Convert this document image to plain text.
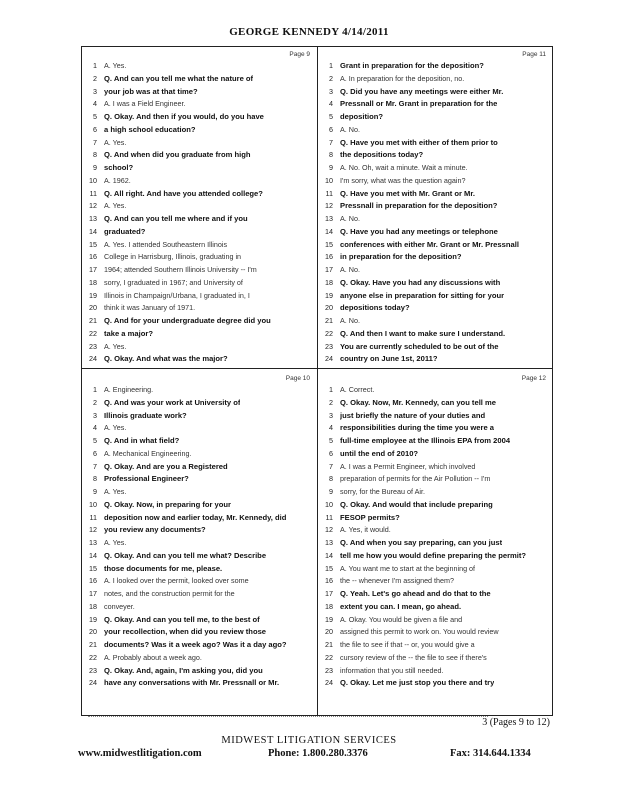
GEORGE KENNEDY 4/14/2011
Page 9
1 A. Yes.
2 Q. And can you tell me what the nature of
3 your job was at that time?
4 A. I was a Field Engineer.
5 Q. Okay. And then if you would, do you have
6 a high school education?
7 A. Yes.
8 Q. And when did you graduate from high
9 school?
10 A. 1962.
11 Q. All right. And have you attended college?
12 A. Yes.
13 Q. And can you tell me where and if you
14 graduated?
15 A. Yes. I attended Southeastern Illinois
16 College in Harrisburg, Illinois, graduating in
17 1964; attended Southern Illinois University -- I'm
18 sorry, I graduated in 1967; and University of
19 Illinois in Champaign/Urbana, I graduated in, I
20 think it was January of 1971.
21 Q. And for your undergraduate degree did you
22 take a major?
23 A. Yes.
24 Q. Okay. And what was the major?
Page 11
1 Grant in preparation for the deposition?
2 A. In preparation for the deposition, no.
3 Q. Did you have any meetings were either Mr.
4 Pressnall or Mr. Grant in preparation for the
5 deposition?
6 A. No.
7 Q. Have you met with either of them prior to
8 the depositions today?
9 A. No. Oh, wait a minute. Wait a minute.
10 I'm sorry, what was the question again?
11 Q. Have you met with Mr. Grant or Mr.
12 Pressnall in preparation for the deposition?
13 A. No.
14 Q. Have you had any meetings or telephone
15 conferences with either Mr. Grant or Mr. Pressnall
16 in preparation for the deposition?
17 A. No.
18 Q. Okay. Have you had any discussions with
19 anyone else in preparation for sitting for your
20 depositions today?
21 A. No.
22 Q. And then I want to make sure I understand.
23 You are currently scheduled to be out of the
24 country on June 1st, 2011?
Page 10
1 A. Engineering.
2 Q. And was your work at University of
3 Illinois graduate work?
4 A. Yes.
5 Q. And in what field?
6 A. Mechanical Engineering.
7 Q. Okay. And are you a Registered
8 Professional Engineer?
9 A. Yes.
10 Q. Okay. Now, in preparing for your
11 deposition now and earlier today, Mr. Kennedy, did
12 you review any documents?
13 A. Yes.
14 Q. Okay. And can you tell me what? Describe
15 those documents for me, please.
16 A. I looked over the permit, looked over some
17 notes, and the construction permit for the
18 conveyer.
19 Q. Okay. And can you tell me, to the best of
20 your recollection, when did you review those
21 documents? Was it a week ago? Was it a day ago?
22 A. Probably about a week ago.
23 Q. Okay. And, again, I'm asking you, did you
24 have any conversations with Mr. Pressnall or Mr.
Page 12
1 A. Correct.
2 Q. Okay. Now, Mr. Kennedy, can you tell me
3 just briefly the nature of your duties and
4 responsibilities during the time you were a
5 full-time employee at the Illinois EPA from 2004
6 until the end of 2010?
7 A. I was a Permit Engineer, which involved
8 preparation of permits for the Air Pollution -- I'm
9 sorry, for the Bureau of Air.
10 Q. Okay. And would that include preparing
11 FESOP permits?
12 A. Yes, it would.
13 Q. And when you say preparing, can you just
14 tell me how you would define preparing the permit?
15 A. You want me to start at the beginning of
16 the -- whenever I'm assigned them?
17 Q. Yeah. Let's go ahead and do that to the
18 extent you can. I mean, go ahead.
19 A. Okay. You would be given a file and
20 assigned this permit to work on. You would review
21 the file to see if that -- or, you would give a
22 cursory review of the -- the file to see if there's
23 information that you still needed.
24 Q. Okay. Let me just stop you there and try
3 (Pages 9 to 12)
MIDWEST LITIGATION SERVICES
www.midwestlitigation.com	Phone: 1.800.280.3376	Fax: 314.644.1334
